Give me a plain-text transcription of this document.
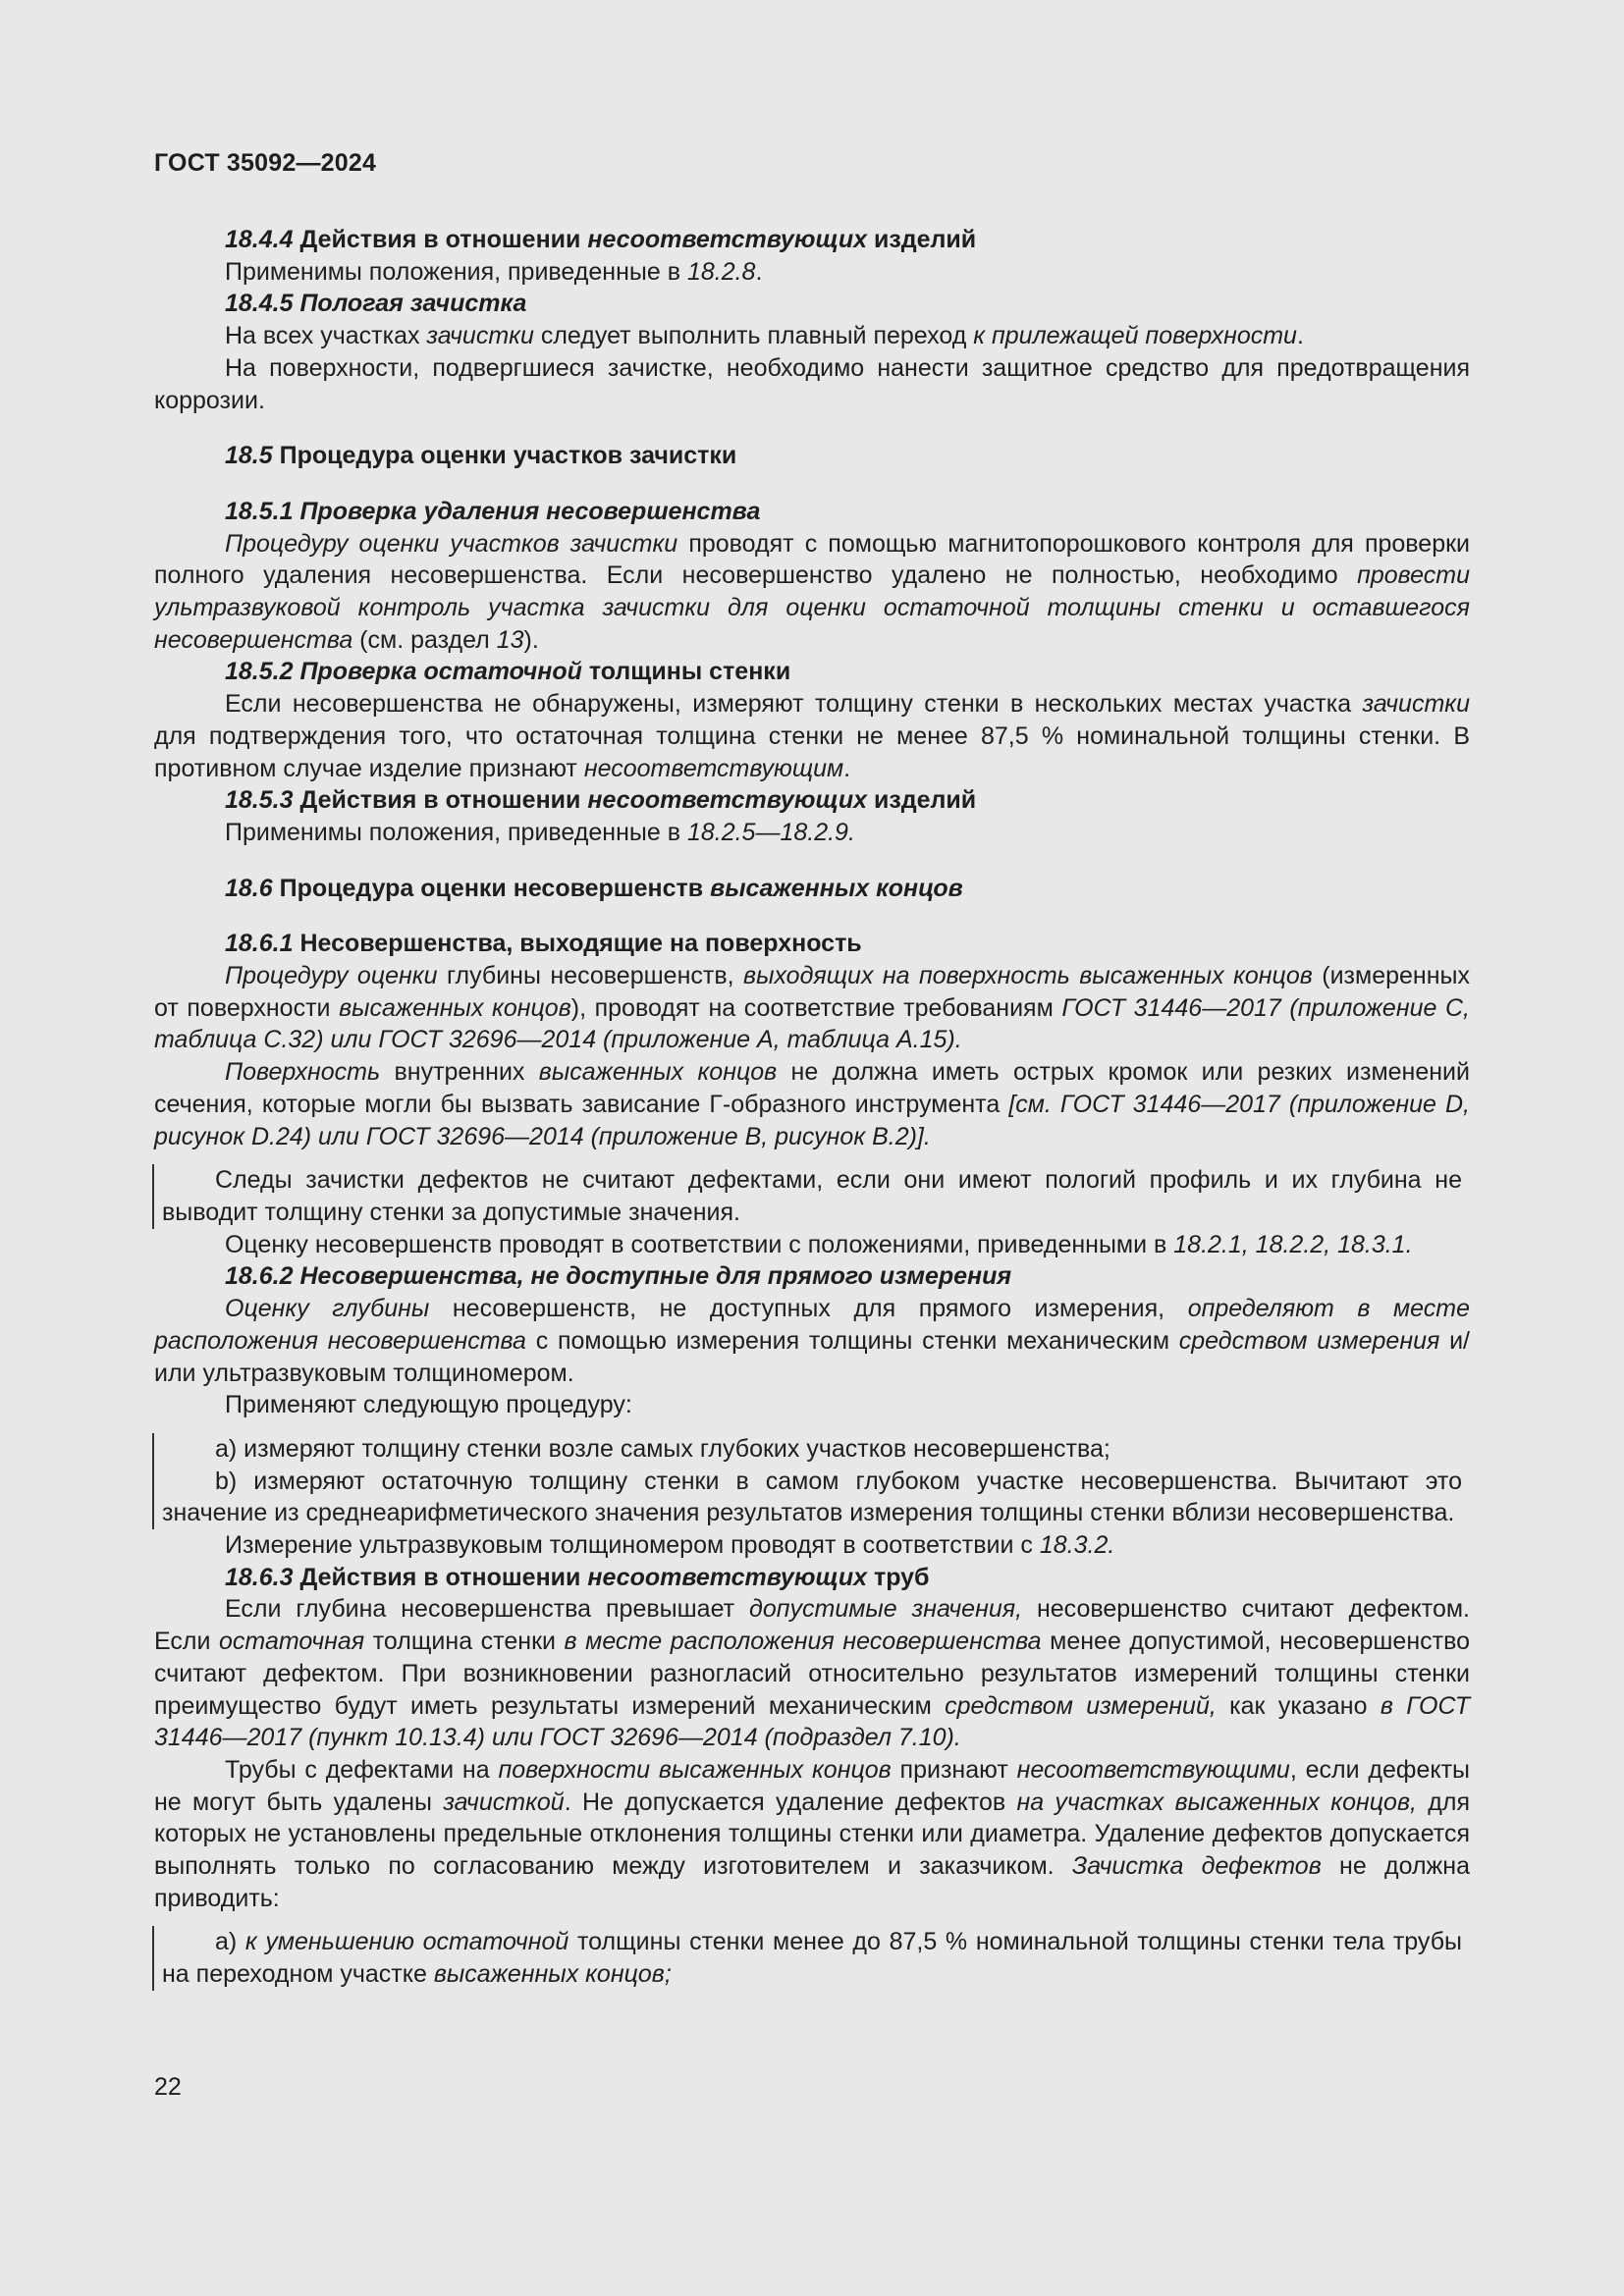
ГОСТ 35092—2024

18.4.4 Действия в отношении несоответствующих изделий

Применимы положения, приведенные в 18.2.8.

18.4.5 Пологая зачистка

На всех участках зачистки следует выполнить плавный переход к прилежащей поверхности.

На поверхности, подвергшиеся зачистке, необходимо нанести защитное средство для предотвращения коррозии.

18.5 Процедура оценки участков зачистки

18.5.1 Проверка удаления несовершенства

Процедуру оценки участков зачистки проводят с помощью магнитопорошкового контроля для проверки полного удаления несовершенства. Если несовершенство удалено не полностью, необходимо провести ультразвуковой контроль участка зачистки для оценки остаточной толщины стенки и оставшегося несовершенства (см. раздел 13).

18.5.2 Проверка остаточной толщины стенки

Если несовершенства не обнаружены, измеряют толщину стенки в нескольких местах участка зачистки для подтверждения того, что остаточная толщина стенки не менее 87,5 % номинальной толщины стенки. В противном случае изделие признают несоответствующим.

18.5.3 Действия в отношении несоответствующих изделий

Применимы положения, приведенные в 18.2.5—18.2.9.

18.6 Процедура оценки несовершенств высаженных концов

18.6.1 Несовершенства, выходящие на поверхность

Процедуру оценки глубины несовершенств, выходящих на поверхность высаженных концов (измеренных от поверхности высаженных концов), проводят на соответствие требованиям ГОСТ 31446—2017 (приложение С, таблица С.32) или ГОСТ 32696—2014 (приложение А, таблица А.15).

Поверхность внутренних высаженных концов не должна иметь острых кромок или резких изменений сечения, которые могли бы вызвать зависание Г-образного инструмента [см. ГОСТ 31446—2017 (приложение D, рисунок D.24) или ГОСТ 32696—2014 (приложение В, рисунок В.2)].

Следы зачистки дефектов не считают дефектами, если они имеют пологий профиль и их глубина не выводит толщину стенки за допустимые значения.

Оценку несовершенств проводят в соответствии с положениями, приведенными в 18.2.1, 18.2.2, 18.3.1.

18.6.2 Несовершенства, не доступные для прямого измерения

Оценку глубины несовершенств, не доступных для прямого измерения, определяют в месте расположения несовершенства с помощью измерения толщины стенки механическим средством измерения и/или ультразвуковым толщиномером.

Применяют следующую процедуру:

а) измеряют толщину стенки возле самых глубоких участков несовершенства;

b) измеряют остаточную толщину стенки в самом глубоком участке несовершенства. Вычитают это значение из среднеарифметического значения результатов измерения толщины стенки вблизи несовершенства.

Измерение ультразвуковым толщиномером проводят в соответствии с 18.3.2.

18.6.3 Действия в отношении несоответствующих труб

Если глубина несовершенства превышает допустимые значения, несовершенство считают дефектом. Если остаточная толщина стенки в месте расположения несовершенства менее допустимой, несовершенство считают дефектом. При возникновении разногласий относительно результатов измерений толщины стенки преимущество будут иметь результаты измерений механическим средством измерений, как указано в ГОСТ 31446—2017 (пункт 10.13.4) или ГОСТ 32696—2014 (подраздел 7.10).

Трубы с дефектами на поверхности высаженных концов признают несоответствующими, если дефекты не могут быть удалены зачисткой. Не допускается удаление дефектов на участках высаженных концов, для которых не установлены предельные отклонения толщины стенки или диаметра. Удаление дефектов допускается выполнять только по согласованию между изготовителем и заказчиком. Зачистка дефектов не должна приводить:

а) к уменьшению остаточной толщины стенки менее до 87,5 % номинальной толщины стенки тела трубы на переходном участке высаженных концов;

22
